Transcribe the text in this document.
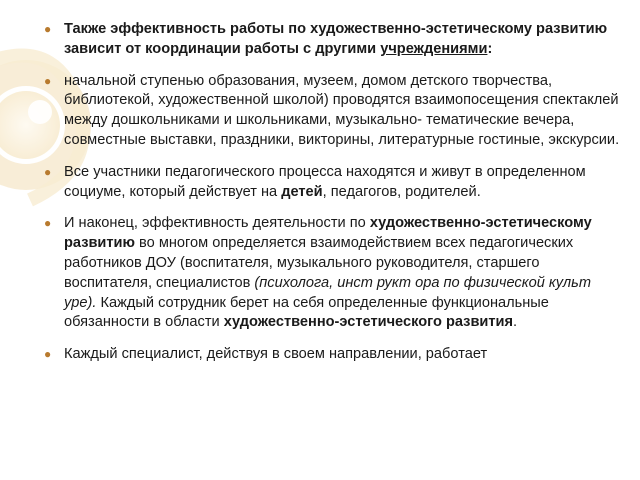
● Также эффективность работы по художественно-эстетическому развитию зависит от координации работы с другими учреждениями:

● начальной ступенью образования, музеем, домом детского творчества, библиотекой, художественной школой) проводятся взаимопосещения спектаклей между дошкольниками и школьниками, музыкально- тематические вечера, совместные выставки, праздники, викторины, литературные гостиные, экскурсии.

● Все участники педагогического процесса находятся и живут в определенном социуме, который действует на детей, педагогов, родителей.

● И наконец, эффективность деятельности по художественно-эстетическому развитию во многом определяется взаимодействием всех педагогических работников ДОУ (воспитателя, музыкального руководителя, старшего воспитателя, специалистов (психолога, инст рукт ора по физической культ уре). Каждый сотрудник берет на себя определенные функциональные обязанности в области художественно-эстетического развития.

● Каждый специалист, действуя в своем направлении, работает
